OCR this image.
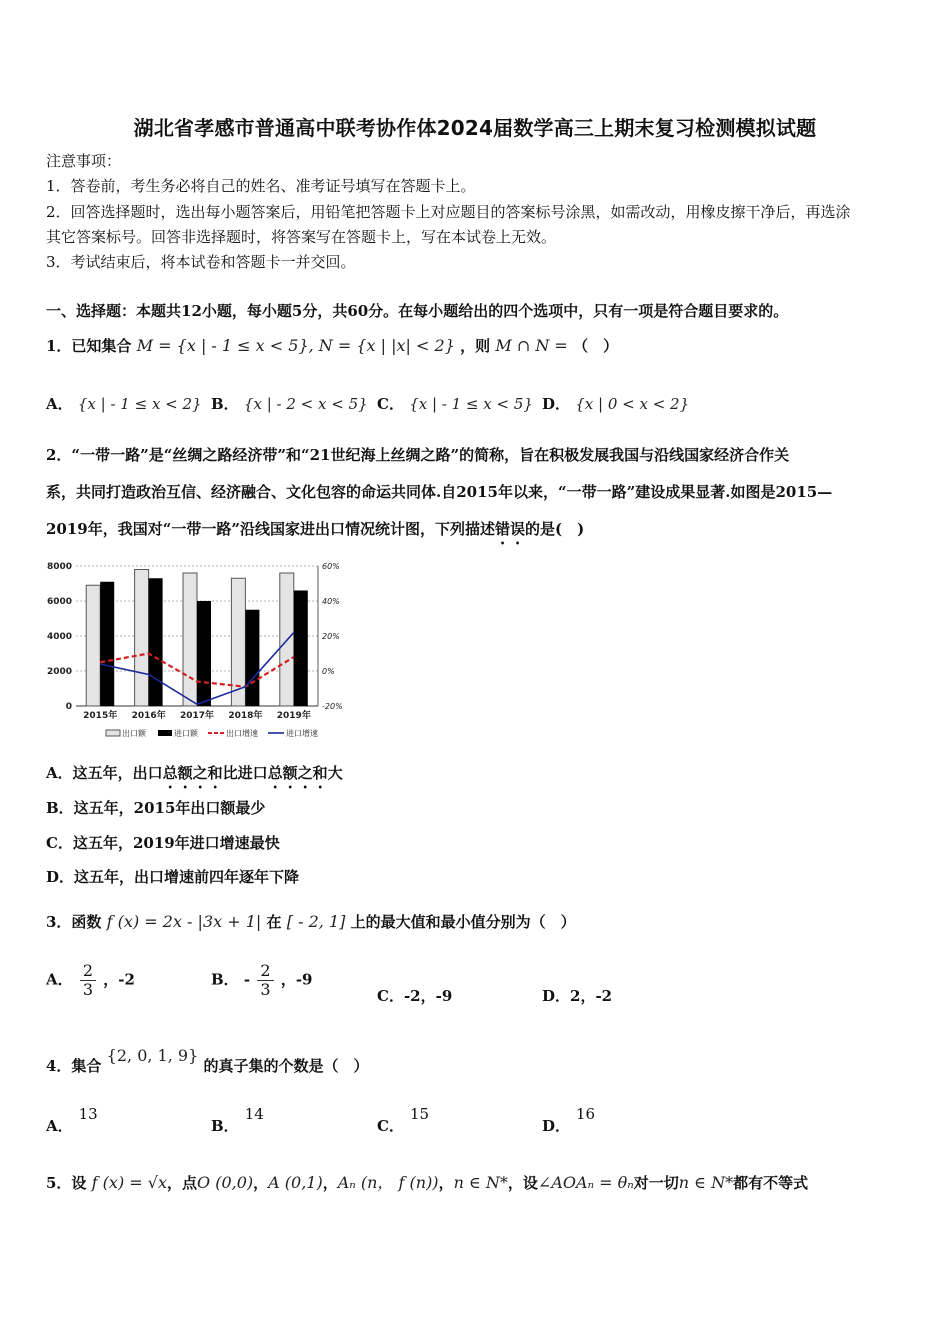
湖北省孝感市普通高中联考协作体2024届数学高三上期末复习检测模拟试题
注意事项：
1．答卷前，考生务必将自己的姓名、准考证号填写在答题卡上。
2．回答选择题时，选出每小题答案后，用铅笔把答题卡上对应题目的答案标号涂黑，如需改动，用橡皮擦干净后，再选涂
其它答案标号。回答非选择题时，将答案写在答题卡上，写在本试卷上无效。
3．考试结束后，将本试卷和答题卡一并交回。
一、选择题：本题共12小题，每小题5分，共60分。在每小题给出的四个选项中，只有一项是符合题目要求的。
1．已知集合 M = {x | - 1 ≤ x < 5}, N = {x | |x| < 2} ，则 M ∩ N = （　）
A． {x | - 1 ≤ x < 2} B． {x | - 2 < x < 5} C． {x | - 1 ≤ x < 5} D． {x | 0 < x < 2}
2．“一带一路”是“丝绸之路经济带”和“21世纪海上丝绸之路”的简称，旨在积极发展我国与沿线国家经济合作关
系，共同打造政治互信、经济融合、文化包容的命运共同体.自2015年以来，“一带一路”建设成果显著.如图是2015—
2019年，我国对“一带一路”沿线国家进出口情况统计图，下列描述错误的是(　)
0
2000
4000
6000
8000
-20%
0%
20%
40%
60%
2015年 2016年 2017年 2018年 2019年
出口额	进口额	出口增速	进口增速
A．这五年，出口总额之和比进口总额之和大
B．这五年，2015年出口额最少
C．这五年，2019年进口增速最快
D．这五年，出口增速前四年逐年下降
3．函数 f (x) = 2x - |3x + 1| 在 [ - 2, 1] 上的最大值和最小值分别为（　）
A． $\frac{2}{3}$ ，-2	B． - $\frac{2}{3}$ ，-9
C．-2，-9	D．2，-2
4．集合 {2, 0, 1, 9} 的真子集的个数是（　）
A．13
B．14
C．15
D．16
5．设 f (x) = √x，点O (0,0)，A (0,1)，Aₙ (n， f (n))，n ∈ N*，设∠AOAₙ = θₙ对一切n ∈ N*都有不等式
